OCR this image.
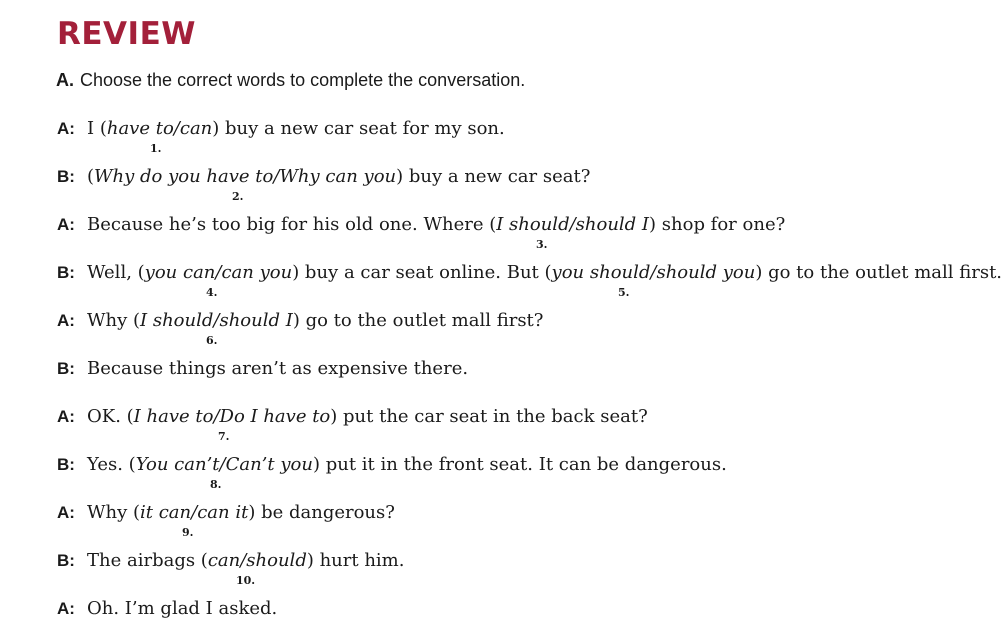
REVIEW
A. Choose the correct words to complete the conversation.
A: I (have to/can) buy a new car seat for my son.
1.
B: (Why do you have to/Why can you) buy a new car seat?
2.
A: Because he’s too big for his old one. Where (I should/should I) shop for one?
3.
B: Well, (you can/can you) buy a car seat online. But (you should/should you) go to the outlet mall first.
4.	5.
A: Why (I should/should I) go to the outlet mall first?
6.
B: Because things aren’t as expensive there.
A: OK. (I have to/Do I have to) put the car seat in the back seat?
7.
B: Yes. (You can’t/Can’t you) put it in the front seat. It can be dangerous.
8.
A: Why (it can/can it) be dangerous?
9.
B: The airbags (can/should) hurt him.
10.
A: Oh. I’m glad I asked.
